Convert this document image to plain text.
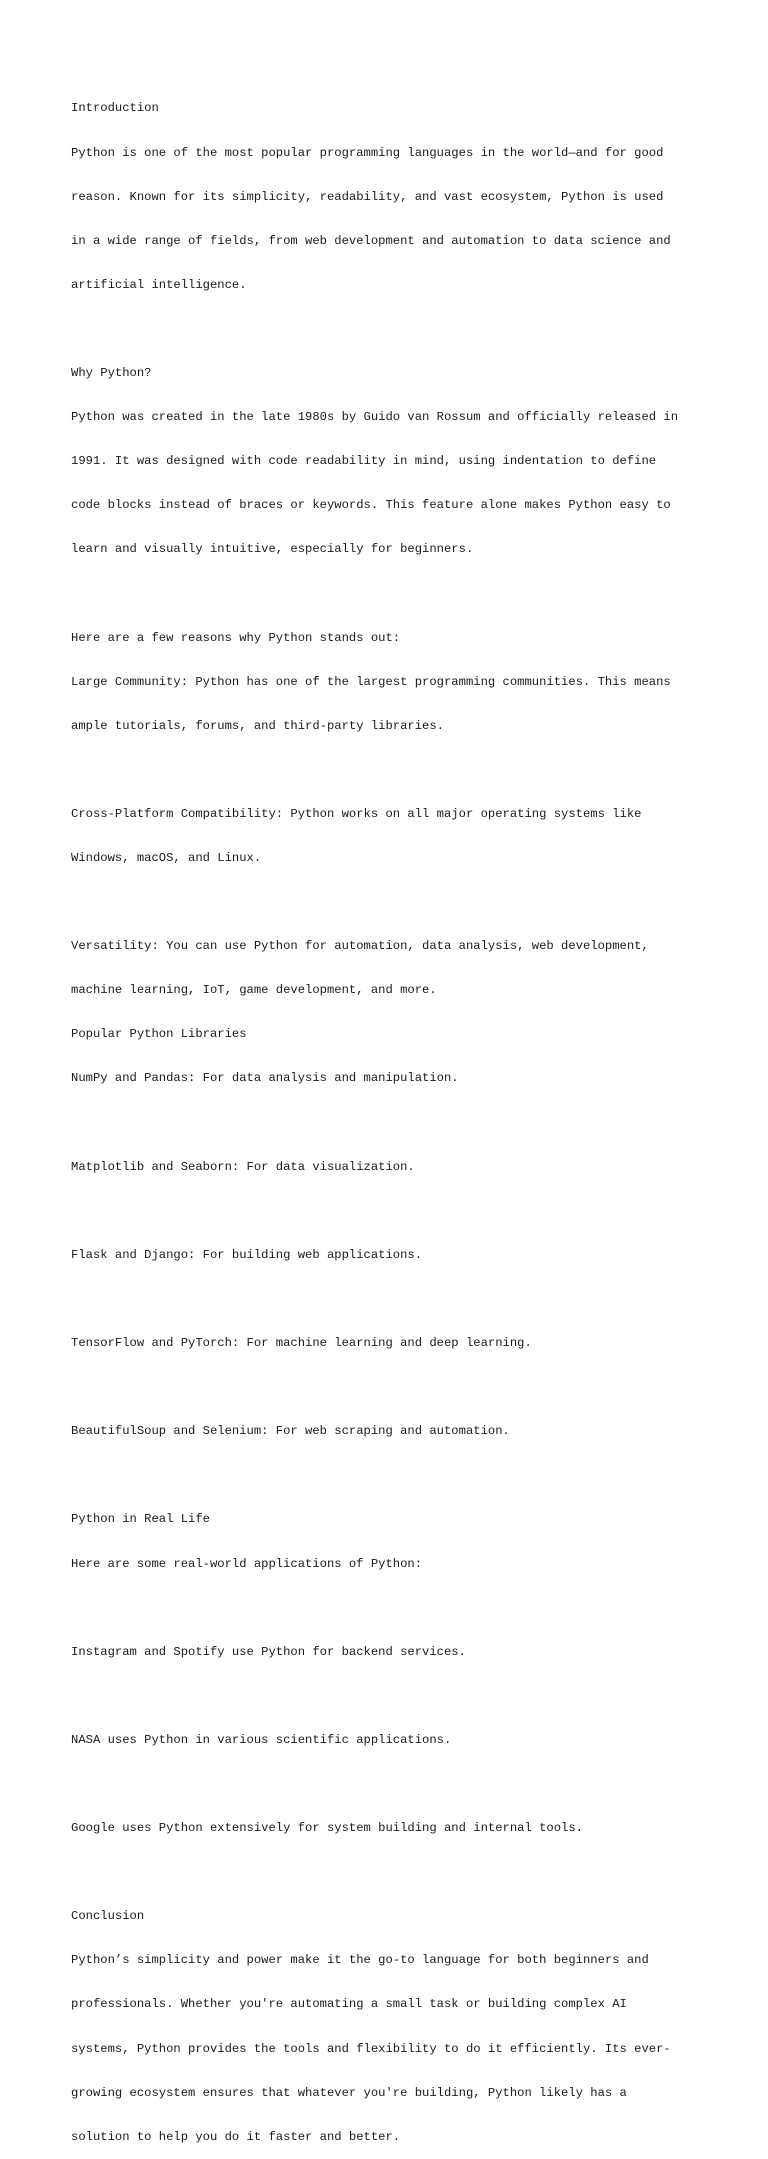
Introduction

Python is one of the most popular programming languages in the world—and for good

reason. Known for its simplicity, readability, and vast ecosystem, Python is used

in a wide range of fields, from web development and automation to data science and

artificial intelligence.

Why Python?

Python was created in the late 1980s by Guido van Rossum and officially released in

1991. It was designed with code readability in mind, using indentation to define

code blocks instead of braces or keywords. This feature alone makes Python easy to

learn and visually intuitive, especially for beginners.

Here are a few reasons why Python stands out:

Large Community: Python has one of the largest programming communities. This means

ample tutorials, forums, and third-party libraries.

Cross-Platform Compatibility: Python works on all major operating systems like

Windows, macOS, and Linux.

Versatility: You can use Python for automation, data analysis, web development,

machine learning, IoT, game development, and more.

Popular Python Libraries

NumPy and Pandas: For data analysis and manipulation.

Matplotlib and Seaborn: For data visualization.

Flask and Django: For building web applications.

TensorFlow and PyTorch: For machine learning and deep learning.

BeautifulSoup and Selenium: For web scraping and automation.

Python in Real Life

Here are some real-world applications of Python:

Instagram and Spotify use Python for backend services.

NASA uses Python in various scientific applications.

Google uses Python extensively for system building and internal tools.

Conclusion

Python’s simplicity and power make it the go-to language for both beginners and

professionals. Whether you're automating a small task or building complex AI

systems, Python provides the tools and flexibility to do it efficiently. Its ever-

growing ecosystem ensures that whatever you're building, Python likely has a

solution to help you do it faster and better.
